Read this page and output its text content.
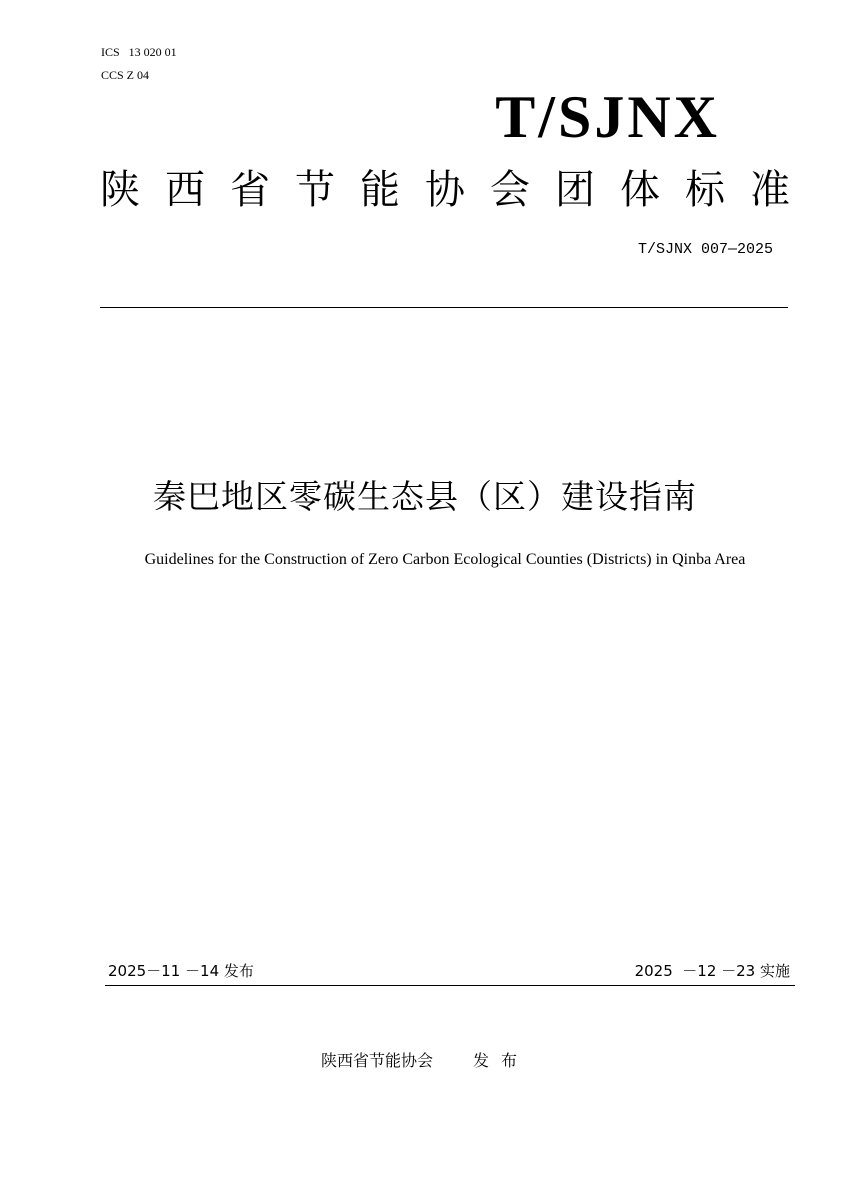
ICS   13 020 01
CCS Z 04
T/SJNX
陕 西 省 节 能 协 会 团 体 标 准
T/SJNX 007—2025
秦巴地区零碳生态县（区）建设指南
Guidelines for the Construction of Zero Carbon Ecological Counties (Districts) in Qinba Area
2025－11 －14 发布	2025  －12 －23 实施
陕西省节能协会	发布
